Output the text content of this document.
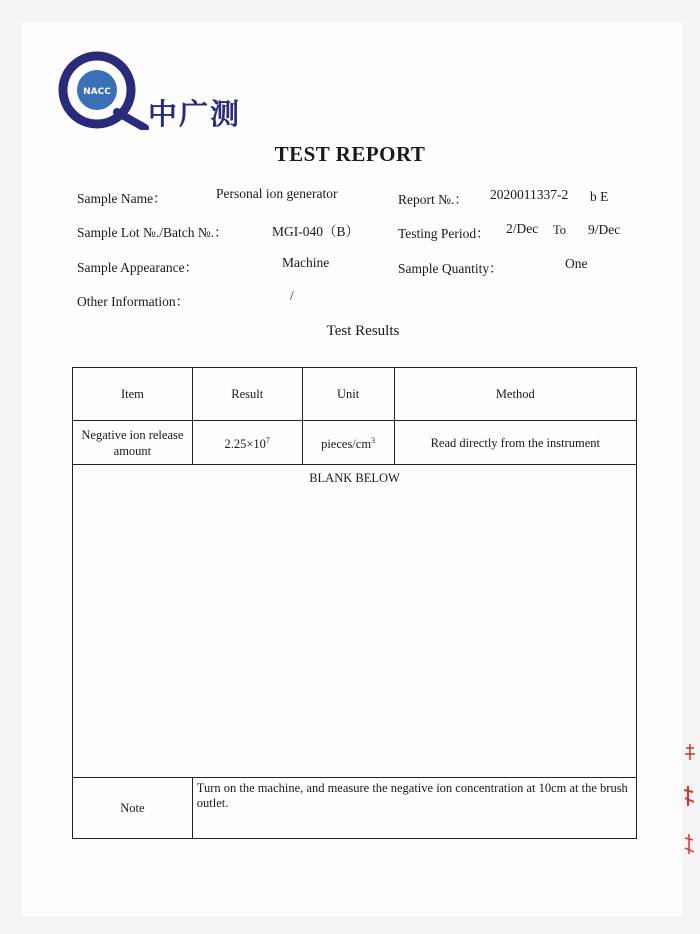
NACC
中广测
TEST REPORT
Sample Name：	Personal ion generator	Report №.： 2020011337-2 b E
Sample Lot №./Batch №.：	MGI-040（B）	Testing Period： 2/Dec To 9/Dec
Sample Appearance：	Machine	Sample Quantity：	One
Other Information：	/
Test Results
Item	Result	Unit	Method
Negative ion release amount	$2.25\times 10^7$	pieces/$cm^3$	Read directly from the instrument
BLANK BELOW			
Note	Turn on the machine, and measure the negative ion concentration at 10cm at the brush outlet.		
